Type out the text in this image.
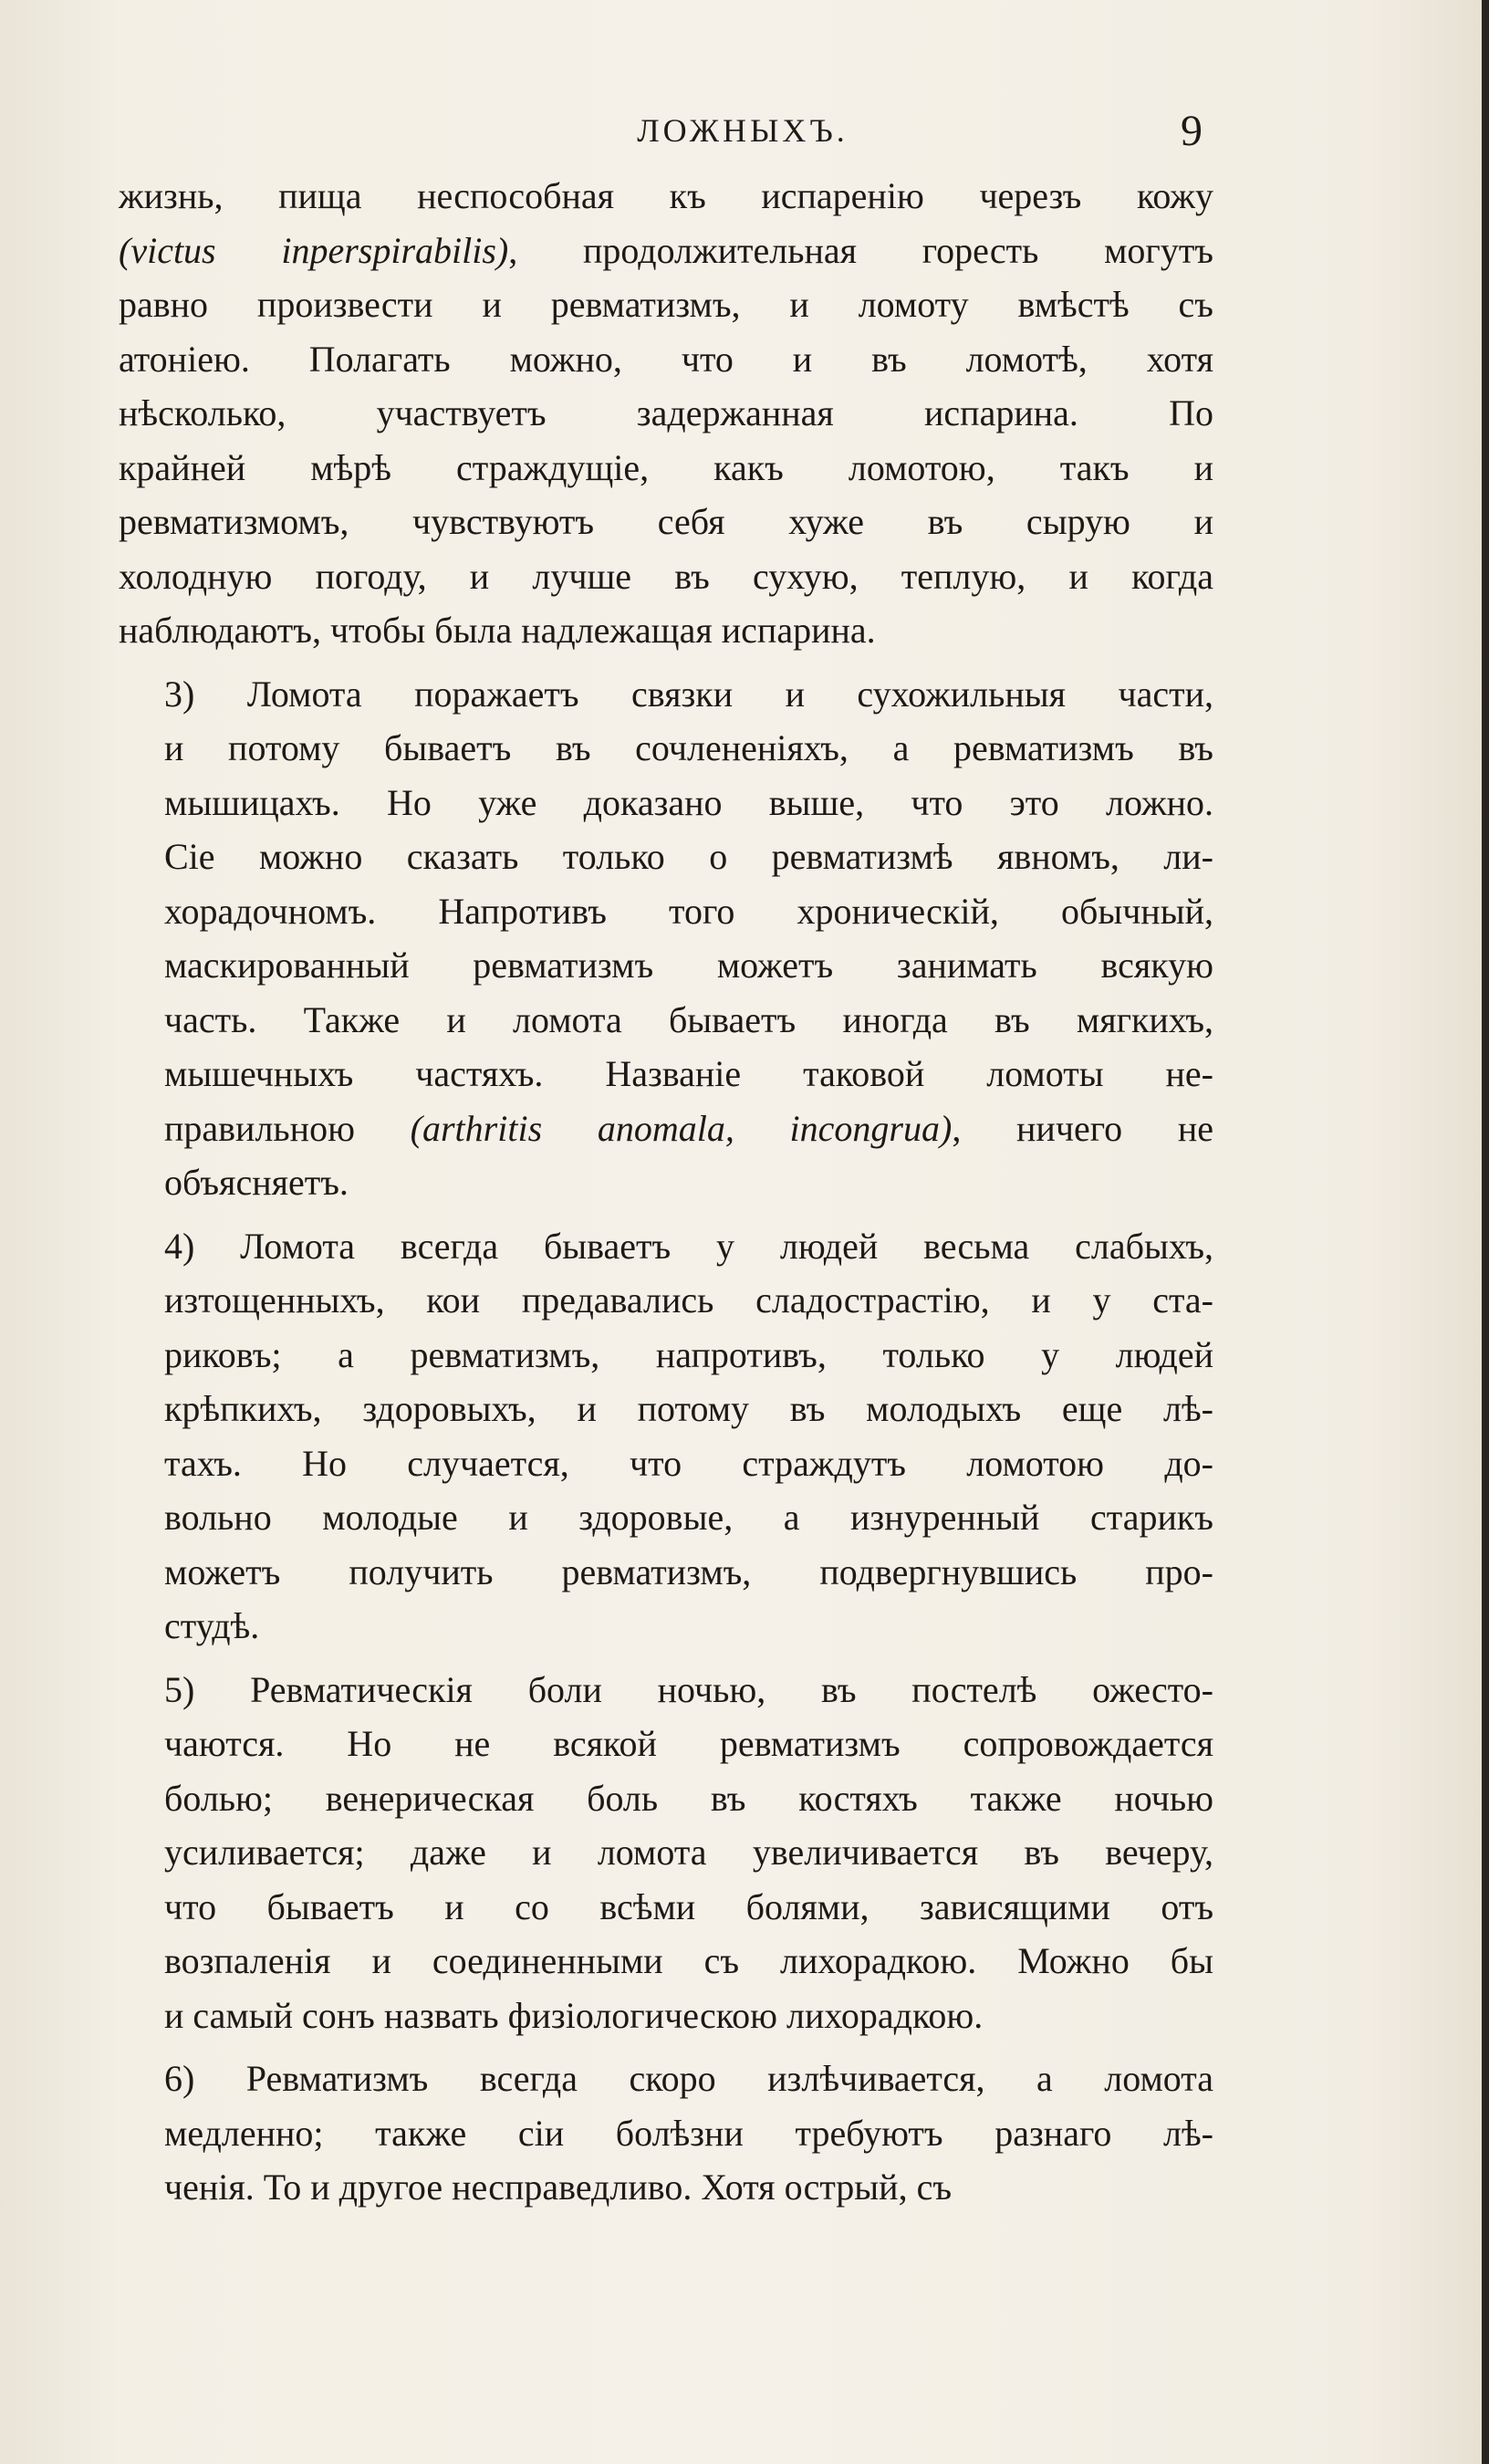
ЛОЖНЫХЪ.	9
жизнь, пища неспособная къ испаренію черезъ кожу
(victus inperspirabilis), продолжительная горесть могутъ
равно произвести и ревматизмъ, и ломоту вмѣстѣ съ
атоніею. Полагать можно, что и въ ломотѣ, хотя
нѣсколько, участвуетъ задержанная испарина. По
крайней мѣрѣ страждущіе, какъ ломотою, такъ и
ревматизмомъ, чувствуютъ себя хуже въ сырую и
холодную погоду, и лучше въ сухую, теплую, и когда
наблюдаютъ, чтобы была надлежащая испарина.
3) Ломота поражаетъ связки и сухожильныя части,
и потому бываетъ въ сочлененіяхъ, а ревматизмъ въ
мышицахъ. Но уже доказано выше, что это ложно.
Сіе можно сказать только о ревматизмѣ явномъ, ли-
хорадочномъ. Напротивъ того хроническій, обычный,
маскированный ревматизмъ можетъ занимать всякую
часть. Также и ломота бываетъ иногда въ мягкихъ,
мышечныхъ частяхъ. Названіе таковой ломоты не-
правильною (arthritis anomala, incongrua), ничего не
объясняетъ.
4) Ломота всегда бываетъ у людей весьма слабыхъ,
изтощенныхъ, кои предавались сладострастію, и у ста-
риковъ; а ревматизмъ, напротивъ, только у людей
крѣпкихъ, здоровыхъ, и потому въ молодыхъ еще лѣ-
тахъ. Но случается, что страждутъ ломотою до-
вольно молодые и здоровые, а изнуренный старикъ
можетъ получить ревматизмъ, подвергнувшись про-
студѣ.
5) Ревматическія боли ночью, въ постелѣ ожесто-
чаются. Но не всякой ревматизмъ сопровождается
болью; венерическая боль въ костяхъ также ночью
усиливается; даже и ломота увеличивается въ вечеру,
что бываетъ и со всѣми болями, зависящими отъ
возпаленія и соединенными съ лихорадкою. Можно бы
и самый сонъ назвать физіологическою лихорадкою.
6) Ревматизмъ всегда скоро излѣчивается, а ломота
медленно; также сіи болѣзни требуютъ разнаго лѣ-
ченія. То и другое несправедливо. Хотя острый, съ
